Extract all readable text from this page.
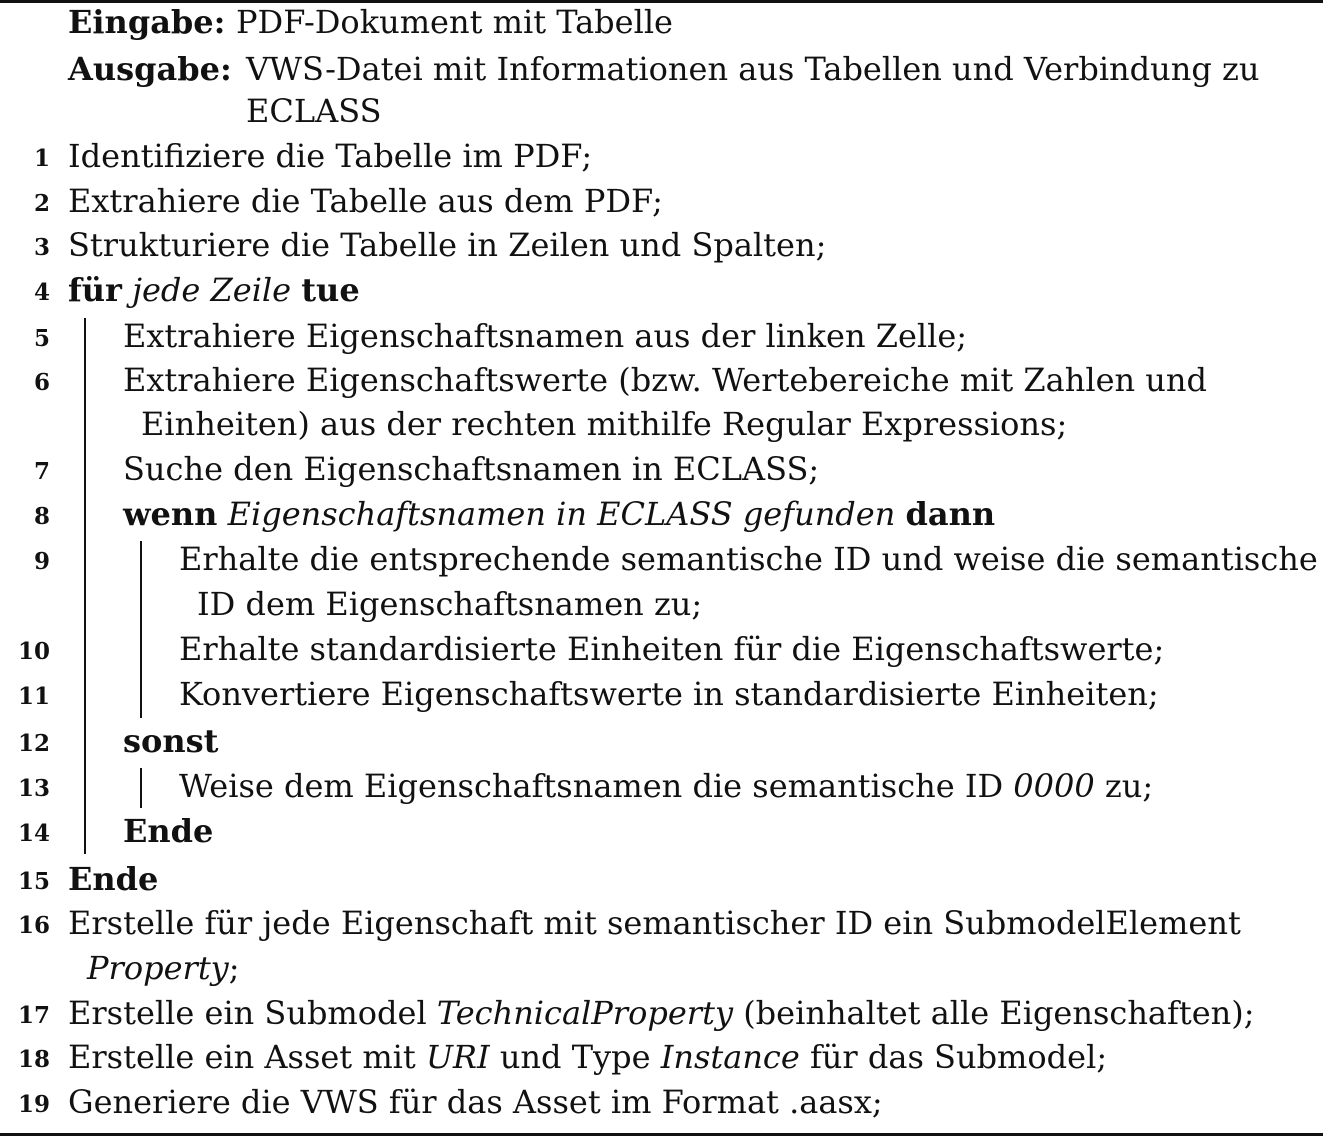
Eingabe: PDF-Dokument mit Tabelle
Ausgabe: VWS-Datei mit Informationen aus Tabellen und Verbindung zu
ECLASS
1 Identifiziere die Tabelle im PDF;
2 Extrahiere die Tabelle aus dem PDF;
3 Strukturiere die Tabelle in Zeilen und Spalten;
4 für jede Zeile tue
5 Extrahiere Eigenschaftsnamen aus der linken Zelle;
6 Extrahiere Eigenschaftswerte (bzw. Wertebereiche mit Zahlen und
Einheiten) aus der rechten mithilfe Regular Expressions;
7 Suche den Eigenschaftsnamen in ECLASS;
8 wenn Eigenschaftsnamen in ECLASS gefunden dann
9	Erhalte die entsprechende semantische ID und weise die semantische
ID dem Eigenschaftsnamen zu;
10	Erhalte standardisierte Einheiten für die Eigenschaftswerte;
11	Konvertiere Eigenschaftswerte in standardisierte Einheiten;
12 sonst
13	Weise dem Eigenschaftsnamen die semantische ID 0000 zu;
14 Ende
15 Ende
16 Erstelle für jede Eigenschaft mit semantischer ID ein SubmodelElement
Property;
17 Erstelle ein Submodel TechnicalProperty (beinhaltet alle Eigenschaften);
18 Erstelle ein Asset mit URI und Type Instance für das Submodel;
19 Generiere die VWS für das Asset im Format .aasx;
